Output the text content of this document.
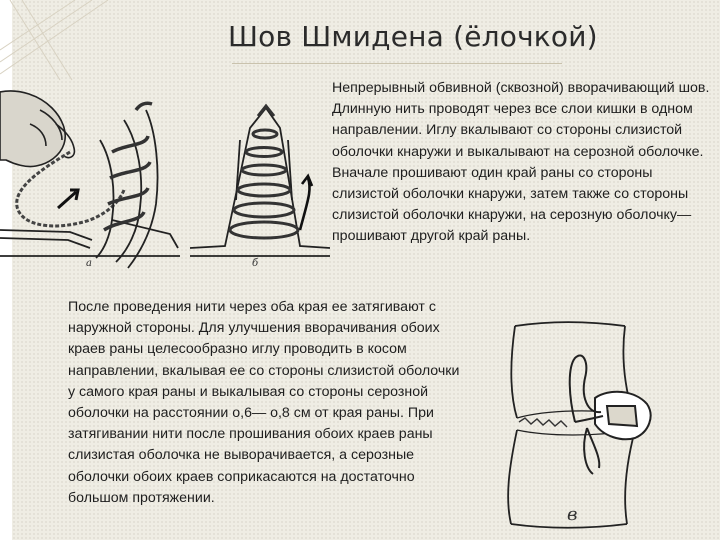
Шов Шмидена (ёлочкой)
а	б
Непрерывный обвивной (сквозной) вворачивающий шов. Длинную нить проводят через все слои кишки в одном направлении. Иглу вкалывают со стороны слизистой оболочки кнаружи и выкалывают на серозной оболочке. Вначале прошивают один край раны со стороны слизистой оболочки кнаружи, затем также со стороны слизистой оболочки кнаружи, на серозную оболочку—прошивают другой край раны.
После проведения нити через оба края ее затягивают с наружной стороны. Для улучшения вворачивания обоих краев раны целесообразно иглу проводить в косом направлении, вкалывая ее со стороны слизистой оболочки у самого края раны и выкалывая со стороны серозной оболочки на расстоянии о,6— о,8 см от края раны. При затягивании нити после прошивания обоих краев раны слизистая оболочка не выворачивается, а серозные оболочки обоих краев соприкасаются на достаточно большом протяжении.
в
